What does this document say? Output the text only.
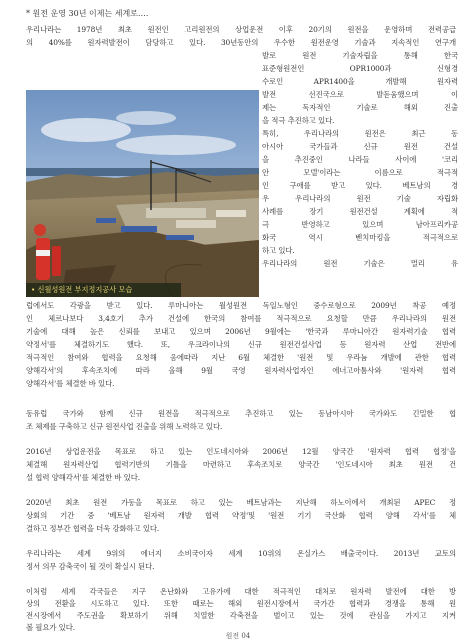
* 원전 운영 30년 이제는 세계로….
우리나라는 1978년 최초 원전인 고리원전의 상업운전 이후 20기의 원전을 운영하며 전력공급
의 40%를 원자력발전이 담당하고 있다. 30년동안의 우수한 원전운영 기술과 지속적인 연구개
• 신월성원전 부지정지공사 모습
발로 원전 기술자립을 통해 한국
표준형원전인 OPR1000과 신형경
수로인 APR1400을 개발해 원자력
발전 선진국으로 발돋움했으며 이
제는 독자적인 기술로 해외 진출
을 적극 추진하고 있다.
특히, 우리나라의 원전은 최근 동
아시아 국가들과 신규 원전 건설
을 추진중인 나라들 사이에 '코리
안 모델'이라는 이름으로 적극적
인 구애를 받고 있다. 베트남의 경
우 우리나라의 원전 기술 자립화
사례를 장기 원전건설 계획에 적
극 반영하고 있으며 남아프리카공
화국 역시 벤치마킹을 적극적으로
하고 있다.
우리나라의 원전 기술은 멀리 유
럽에서도 각광을 받고 있다. 루마니아는 월성원전 독일노형인 중수로형으로 2009년 착공 예정
인 체르나보다 3,4호기 추가 건설에 한국의 참여를 적극적으로 요청할 만큼 우리나라의 원전
기술에 대해 높은 신뢰를 보내고 있으며 2006년 9월에는 '한국과 루마니아간 원자력기술 협력
약정서'를 체결하기도 했다. 또, 우크라이나의 신규 원전건설사업 등 원자력 산업 전반에
적극적인 참여와 협력을 요청해 옴에따라 지난 6월 체결한 '원전 및 우라늄 개발에 관한 협력
양해각서'의 후속조치에 따라 올해 9월 국영 원자력사업자인 에너고아톰사와 '원자력 협력
양해각서'를 체결한 바 있다.
동유럽 국가와 함께 신규 원전을 적극적으로 추진하고 있는 동남아시아 국가와도 긴밀한 협
조 체제를 구축하고 신규 원전사업 진출을 위해 노력하고 있다.
2016년 상업운전을 목표로 하고 있는 인도네시아와 2006년 12월 양국간 '원자력 협력 협정'을
체결해 원자력산업 협력기반의 기틀을 마련하고 후속조치로 양국간 '인도네시아 최초 원전 건
설 협력 양해각서'를 체결한 바 있다.
2020년 최초 원전 가동을 목표로 하고 있는 베트남과는 지난해 하노이에서 개최된 APEC 정
상회의 기간 중 '베트남 원자력 개발 협력 약정'및 '원전 기기 국산화 협력 양해 각서'를 체
결하고 정부간 협력을 더욱 강화하고 있다.
우리나라는 세계 9위의 에너지 소비국이자 세계 10위의 온실가스 배출국이다. 2013년 교토의
정서 의무 감축국이 될 것이 확실시 된다.
이처럼 세계 각국들은 지구 온난화와 고유가에 대한 적극적인 대처로 원자력 발전에 대한 방
상의 전환을 시도하고 있다. 또한 때로는 해외 원전시장에서 국가간 협력과 경쟁을 통해 원
전시장에서 주도권을 확보하기 위해 치열한 각축전을 벌이고 있는 것에 관심을 가지고 지켜
볼 필요가 있다.
원전 04
